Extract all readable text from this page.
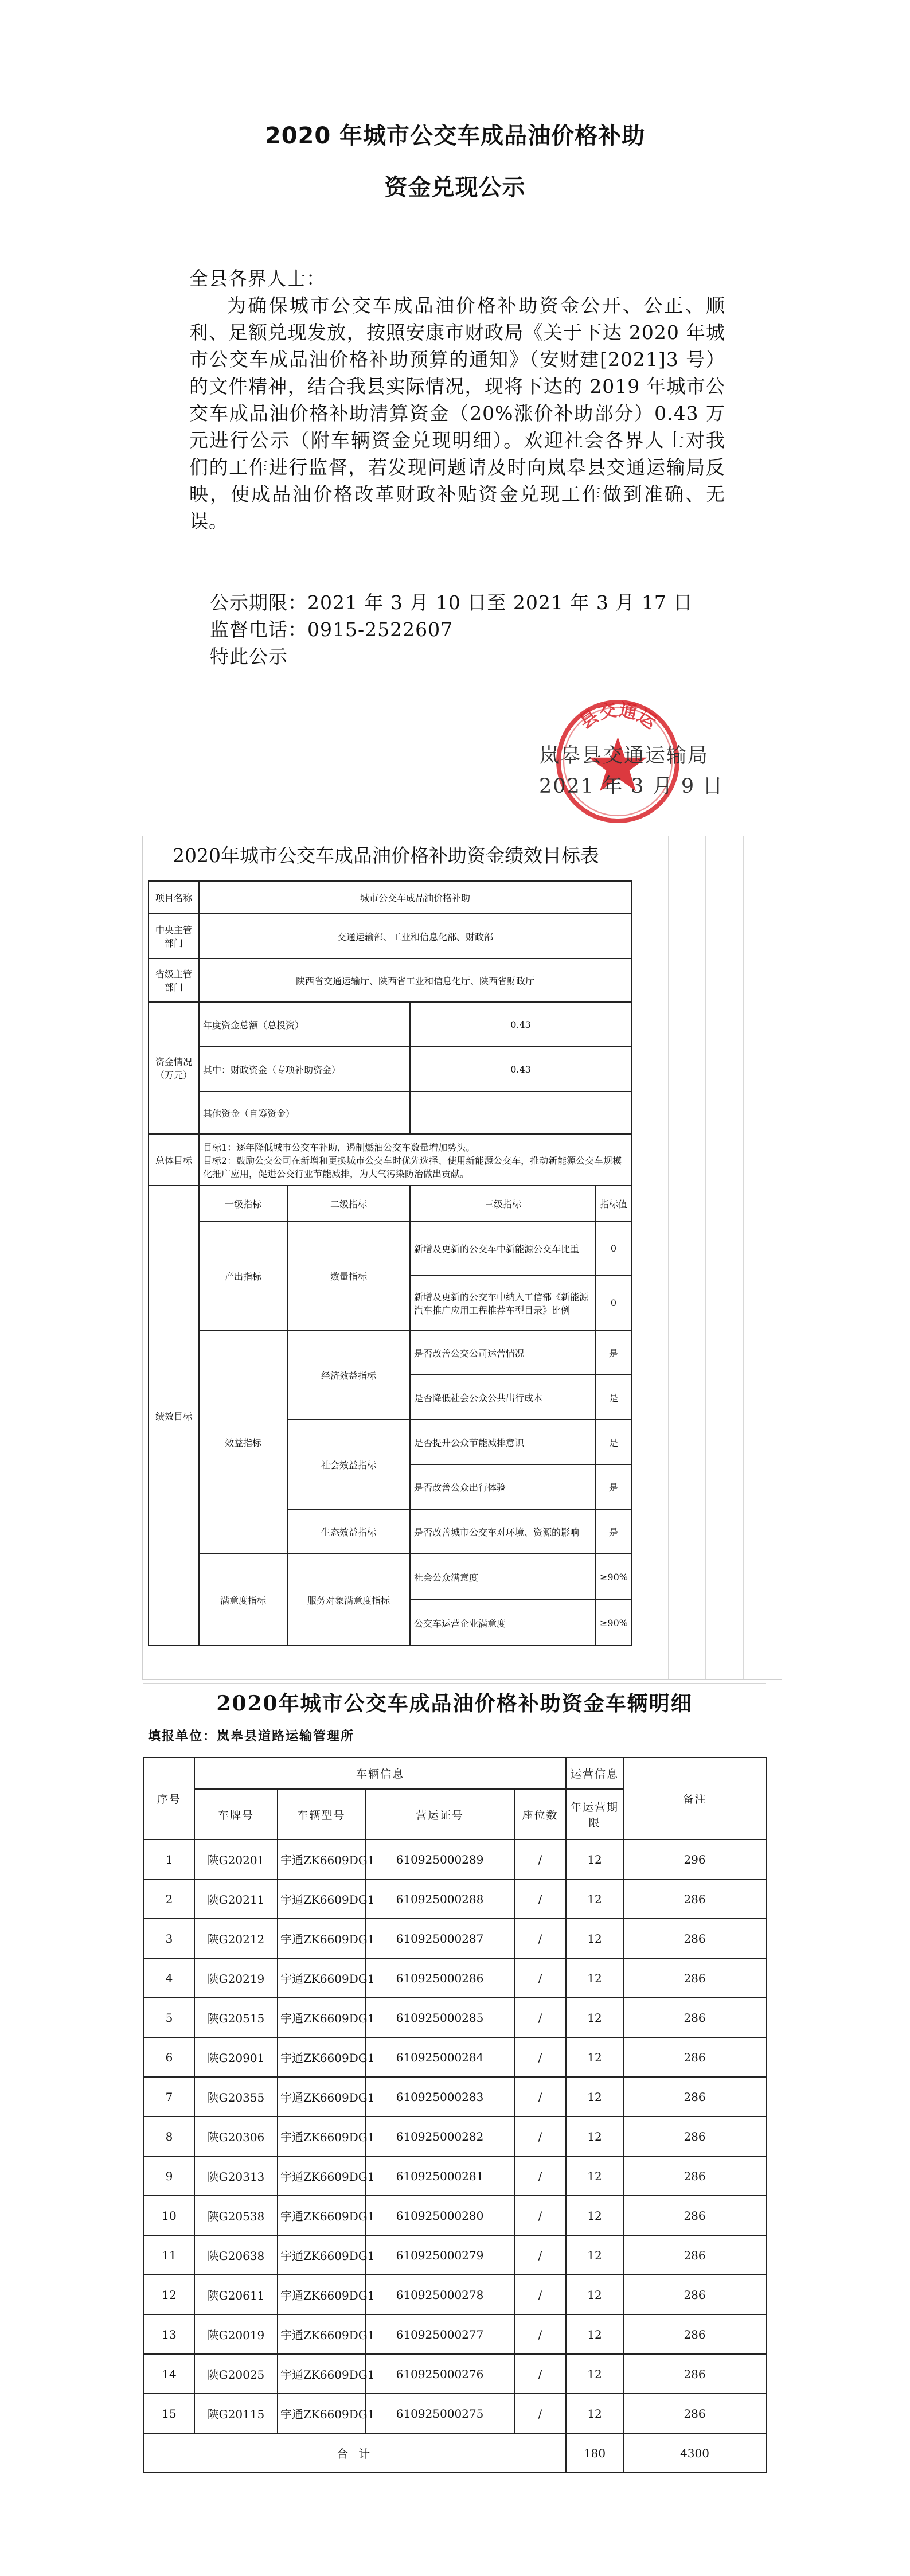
2020 年城市公交车成品油价格补助
资金兑现公示
全县各界人士：
为确保城市公交车成品油价格补助资金公开、公正、顺利、足额兑现发放，按照安康市财政局《关于下达 2020 年城市公交车成品油价格补助预算的通知》（安财建[2021]3 号）的文件精神，结合我县实际情况，现将下达的 2019 年城市公交车成品油价格补助清算资金（20%涨价补助部分）0.43 万元进行公示（附车辆资金兑现明细）。欢迎社会各界人士对我们的工作进行监督，若发现问题请及时向岚皋县交通运输局反映，使成品油价格改革财政补贴资金兑现工作做到准确、无误。
公示期限：2021 年 3 月 10 日至 2021 年 3 月 17 日
监督电话：0915-2522607
特此公示
县交通运
岚皋县交通运输局
2021 年 3 月 9 日
2020年城市公交车成品油价格补助资金绩效目标表
项目名称	城市公交车成品油价格补助			
中央主管部门	交通运输部、工业和信息化部、财政部			
省级主管部门	陕西省交通运输厅、陕西省工业和信息化厅、陕西省财政厅			
资金情况（万元）	年度资金总额（总投资）		0.43	
	其中：财政资金（专项补助资金）		0.43	
	其他资金（自筹资金）			
总体目标	目标1：逐年降低城市公交车补助，遏制燃油公交车数量增加势头。
目标2：鼓励公交公司在新增和更换城市公交车时优先选择、使用新能源公交车，推动新能源公交车规模化推广应用，促进公交行业节能减排，为大气污染防治做出贡献。			

绩效目标	一级指标	二级指标	三级指标	指标值
	产出指标	数量指标	新增及更新的公交车中新能源公交车比重	0
			新增及更新的公交车中纳入工信部《新能源汽车推广应用工程推荐车型目录》比例	0
	效益指标	经济效益指标	是否改善公交公司运营情况	是
			是否降低社会公众公共出行成本	是
		社会效益指标	是否提升公众节能减排意识	是
			是否改善公众出行体验	是
		生态效益指标	是否改善城市公交车对环境、资源的影响	是
	满意度指标	服务对象满意度指标	社会公众满意度	≥90%
			公交车运营企业满意度	≥90%
2020年城市公交车成品油价格补助资金车辆明细
填报单位：岚皋县道路运输管理所
序号	车辆信息				运营信息	备注
	车牌号	车辆型号	营运证号	座位数	年运营期限	
1	陕G20201	宇通ZK6609DG1	610925000289	/	12	296
2	陕G20211	宇通ZK6609DG1	610925000288	/	12	286
3	陕G20212	宇通ZK6609DG1	610925000287	/	12	286
4	陕G20219	宇通ZK6609DG1	610925000286	/	12	286
5	陕G20515	宇通ZK6609DG1	610925000285	/	12	286
6	陕G20901	宇通ZK6609DG1	610925000284	/	12	286
7	陕G20355	宇通ZK6609DG1	610925000283	/	12	286
8	陕G20306	宇通ZK6609DG1	610925000282	/	12	286
9	陕G20313	宇通ZK6609DG1	610925000281	/	12	286
10	陕G20538	宇通ZK6609DG1	610925000280	/	12	286
11	陕G20638	宇通ZK6609DG1	610925000279	/	12	286
12	陕G20611	宇通ZK6609DG1	610925000278	/	12	286
13	陕G20019	宇通ZK6609DG1	610925000277	/	12	286
14	陕G20025	宇通ZK6609DG1	610925000276	/	12	286
15	陕G20115	宇通ZK6609DG1	610925000275	/	12	286
合 计					180	4300
